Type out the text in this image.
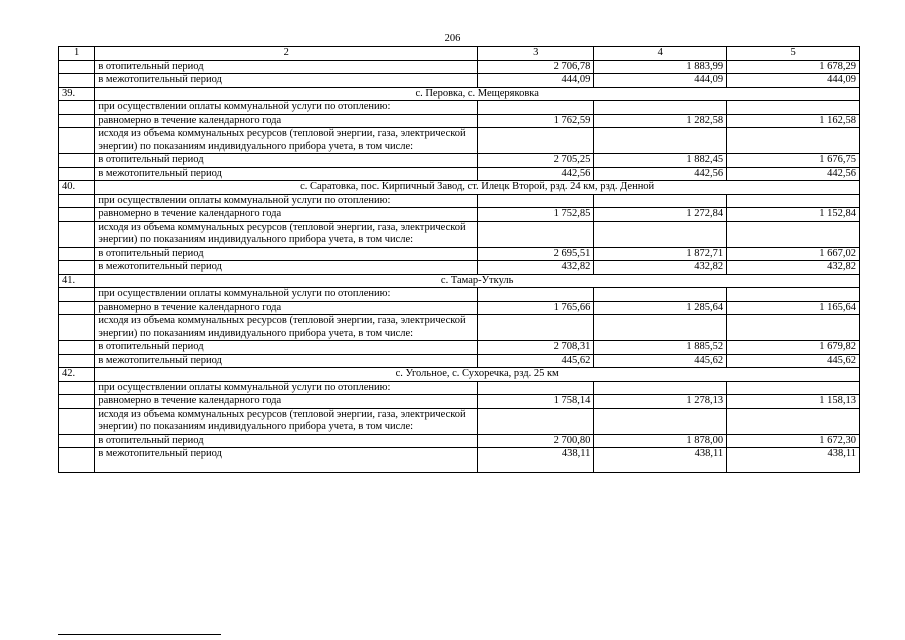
206
1	2	3	4	5
	в отопительный период	2 706,78	1 883,99	1 678,29
	в межотопительный период	444,09	444,09	444,09
39.	с. Перовка, с. Мещеряковка			
	при осуществлении оплаты коммунальной услуги по отоплению:			
	равномерно в течение календарного года	1 762,59	1 282,58	1 162,58
	исходя из объема коммунальных ресурсов (тепловой энергии, газа, электрической энергии) по показаниям индивидуального прибора учета, в том числе:			
	в отопительный период	2 705,25	1 882,45	1 676,75
	в межотопительный период	442,56	442,56	442,56
40.	с. Саратовка, пос. Кирпичный Завод, ст. Илецк Второй, рзд. 24 км, рзд. Денной			
	при осуществлении оплаты коммунальной услуги по отоплению:			
	равномерно в течение календарного года	1 752,85	1 272,84	1 152,84
	исходя из объема коммунальных ресурсов (тепловой энергии, газа, электрической энергии) по показаниям индивидуального прибора учета, в том числе:			
	в отопительный период	2 695,51	1 872,71	1 667,02
	в межотопительный период	432,82	432,82	432,82
41.	с. Тамар-Уткуль			
	при осуществлении оплаты коммунальной услуги по отоплению:			
	равномерно в течение календарного года	1 765,66	1 285,64	1 165,64
	исходя из объема коммунальных ресурсов (тепловой энергии, газа, электрической энергии) по показаниям индивидуального прибора учета, в том числе:			
	в отопительный период	2 708,31	1 885,52	1 679,82
	в межотопительный период	445,62	445,62	445,62
42.	с. Угольное, с. Сухоречка, рзд. 25 км			
	при осуществлении оплаты коммунальной услуги по отоплению:			
	равномерно в течение календарного года	1 758,14	1 278,13	1 158,13
	исходя из объема коммунальных ресурсов (тепловой энергии, газа, электрической энергии) по показаниям индивидуального прибора учета, в том числе:			
	в отопительный период	2 700,80	1 878,00	1 672,30
	в межотопительный период	438,11	438,11	438,11
